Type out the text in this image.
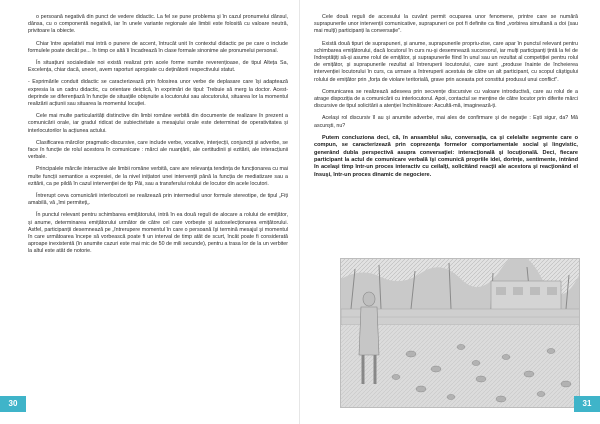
o persoană negativă din punct de vedere didactic. La fel se pune problema şi în cazul pronumelui dânsul, dânsa, cu o componentă negativă, iar în unele variante regionale ale limbii este folosită cu valoare neutră, privitoare la obiecte.

Chiar între apelativii mai intră o punere de accent, întrucât unit în contextul didactic pe pe care o include formulele poate decât pe... în timp ce altă îi încadrează în clase formale sinonime ale pronumelui personal.

În situațiuni socialediale noi există realizat prin acele forme numite reverențioase, de tipul Alteța Sa, Excelența, chiar dacă, uneori, avem raporturi apropiate cu deținătorii respectivului statut.

- Exprimările conduit didactic se caracterizează prin folosirea unor verbe de deplasare care își adaptează expresia la un cadru didactic, cu orientare deictică, în exprimări de tipul: Trebuie să merg la doctor. Acest-deprinde se diferențiază în funcție de situațiile obișnuite a locutorului sau alocutorului, situarea lor la momentul realizării acțiunii sau situarea la momentul locuției.

Cele mai multe particularități distinctive din limbi române verbită din documente de realizare în prezent a comunicării orale, iar gradul ridicat de subiectivitate a mesajului orale este determinat de operativitatea și interlocutorilor la acțiunea actului.

Clasificarea mărcilor pragmatic-discursive, care include verbe, vocative, interjecții, conjuncții și adverbe, se face în funcție de rolul acestora în comunicare : mărci ale nuanțării, ale certitudinii și ezitării, ale interacțiunii verbale.

Principalele mărcile interactive ale limbii române verbită, care are relevanța tendința de funcționarea cu mai multe funcții semantice a expresiei, de la nivel inițiatori unei intervenții până la funcția de mediatizare sau a ezitării, ca pe pildă în cazul intervenției de tip Păi, sau a transferului rolului de locutor din acele locutori.

Întrerupt ceva comunicării interlocutorii se realizează prin intermediul unor formule stereotipe, de tipul „Fiți amabilă, vă „îmi permiteți„.

În punctul relevant pentru schimbarea emițătorului, intră în ea două reguli de alocare a rolului de emițător, și anume, determinarea emițătorului următor de către cel care vorbește și autoselecționarea emițătorului. Astfel, participanții desemnează pe „întrerupere momentul în care o persoană îşi termină mesajul şi momentul în care următoarea începe să vorbească poate fi un interval de timp atât de scurt, încât poate fi considerată aproape inexistentă (în anumite cazuri este mai mic de 50 de mili secunde), pentru a trasa lor de la un verbiter la altul este atât de notorie.

30

Cele două reguli de accesului la cuvânt permit ocuparea unor fenomene, printre care se numără suprapunerile unor intervenții comunicative, suprapuneri ce pot fi definite ca fiind „vorbirea simultană a doi (sau mai mulți) participanți la conversație".

Există două tipuri de suprapuneri, și anume, suprapunerile propriu-zise, care apar în punctul relevant pentru schimbarea emițătorului, dacă locutorul în curs nu-și desemnează succesorul, iar mulți participanți țintă la fel de îndreptățiți să-și asume rolul de emițător, și suprapunerile fiind în unul sau un rezultat al competiției pentru rolul de emițător, și suprapunerile rezultat al întreruperii locutorului, care sunt „produse înainte de încheierea intervenției locutorului în curs, ca urmare a întreruperii acestuia de către un alt participant, cu scopul câștigului rolului de emițător prin „forța de violare teritorială, grave prin aceasta pot constitui produsul unui conflict".

Comunicarea se realizează adeseea prin secvențe discursive cu valoare introductivă, care au rolul de a atrage dispoziția de a comunicării cu interlocutorul. Apoi, contactul se menține de către locutor prin diferite mărci discursive de tipul solicitării a atenției închinătoare: Ascultă-mă, imaginează-ți.

Acelaşi rol discursiv îl au şi anumite adverbe, mai ales de confirmare şi de negaţie : Eşti sigur, da? Mă ascunşti, nu?

Putem concluziona deci, că, în ansamblul său, conversaţia, ca şi celelalte segmente care o compun, se caracterizează prin coprezenţa formelor comportamentale social şi lingvistic, generând dubla perspectivă asupra conversaţiei: interacţională şi locuţională. Deci, fiecare participant la actul de comunicare verbală îşi comunică propriile idei, dorinţe, sentimente, intrând în acelaşi timp într-un proces interactiv cu ceilalţi, solicitând reacţii ale acestora şi reacţionând el însuşi, într-un proces dinamic de negociere.

31
